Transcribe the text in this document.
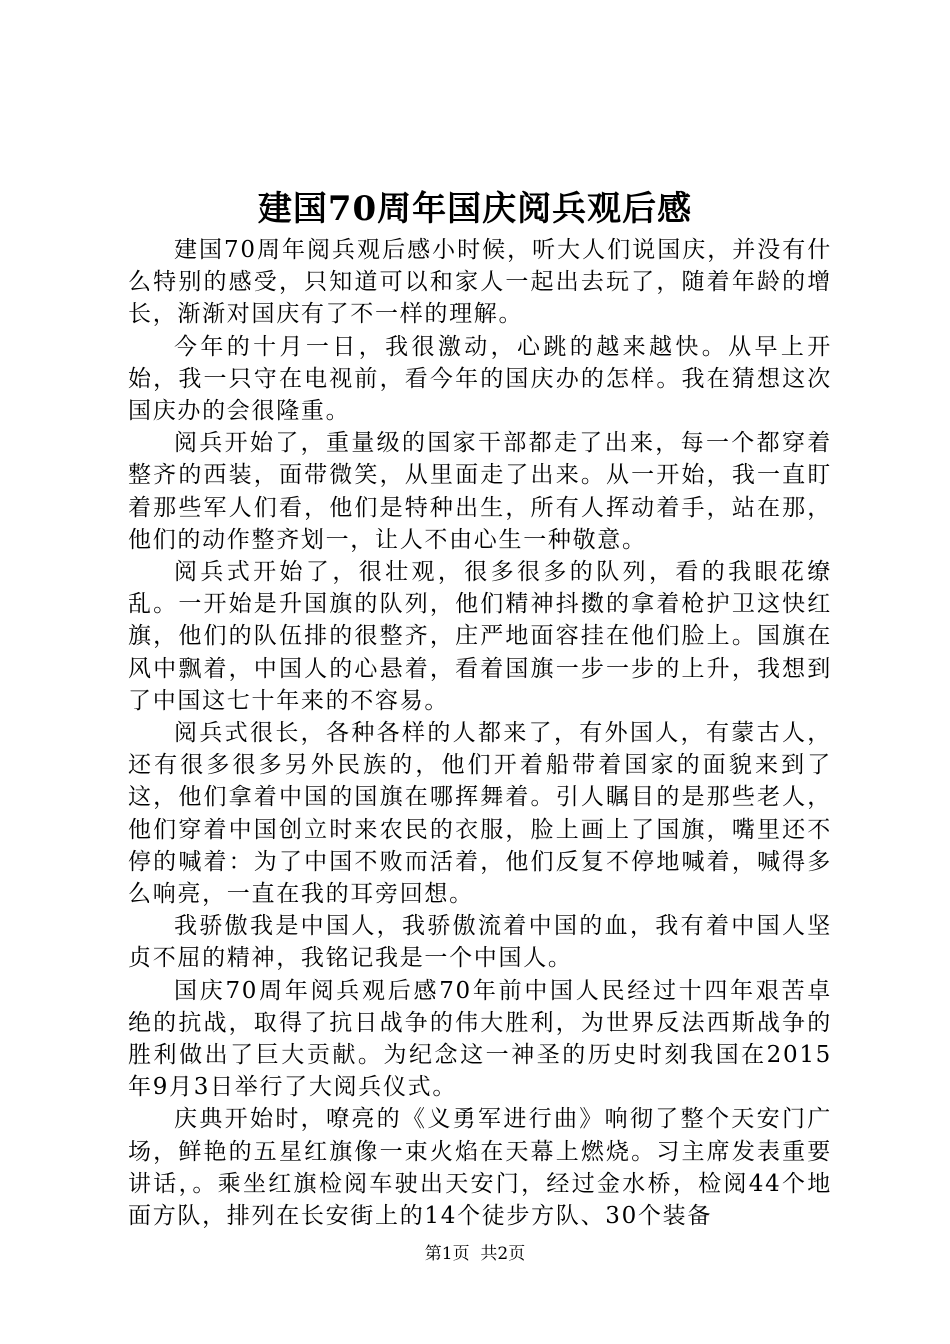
建国70周年国庆阅兵观后感

建国70周年阅兵观后感小时候，听大人们说国庆，并没有什么特别的感受，只知道可以和家人一起出去玩了，随着年龄的增长，渐渐对国庆有了不一样的理解。

今年的十月一日，我很激动，心跳的越来越快。从早上开始，我一只守在电视前，看今年的国庆办的怎样。我在猜想这次国庆办的会很隆重。

阅兵开始了，重量级的国家干部都走了出来，每一个都穿着整齐的西装，面带微笑，从里面走了出来。从一开始，我一直盯着那些军人们看，他们是特种出生，所有人挥动着手，站在那，他们的动作整齐划一，让人不由心生一种敬意。

阅兵式开始了，很壮观，很多很多的队列，看的我眼花缭乱。一开始是升国旗的队列，他们精神抖擞的拿着枪护卫这快红旗，他们的队伍排的很整齐，庄严地面容挂在他们脸上。国旗在风中飘着，中国人的心悬着，看着国旗一步一步的上升，我想到了中国这七十年来的不容易。

阅兵式很长，各种各样的人都来了，有外国人，有蒙古人，还有很多很多另外民族的，他们开着船带着国家的面貌来到了这，他们拿着中国的国旗在哪挥舞着。引人瞩目的是那些老人，他们穿着中国创立时来农民的衣服，脸上画上了国旗，嘴里还不停的喊着：为了中国不败而活着，他们反复不停地喊着，喊得多么响亮，一直在我的耳旁回想。

我骄傲我是中国人，我骄傲流着中国的血，我有着中国人坚贞不屈的精神，我铭记我是一个中国人。

国庆70周年阅兵观后感70年前中国人民经过十四年艰苦卓绝的抗战，取得了抗日战争的伟大胜利，为世界反法西斯战争的胜利做出了巨大贡献。为纪念这一神圣的历史时刻我国在2015年9月3日举行了大阅兵仪式。

庆典开始时，嘹亮的《义勇军进行曲》响彻了整个天安门广场，鲜艳的五星红旗像一束火焰在天幕上燃烧。习主席发表重要讲话，。乘坐红旗检阅车驶出天安门，经过金水桥，检阅44个地面方队，排列在长安街上的14个徒步方队、30个装备

第1页 共2页
